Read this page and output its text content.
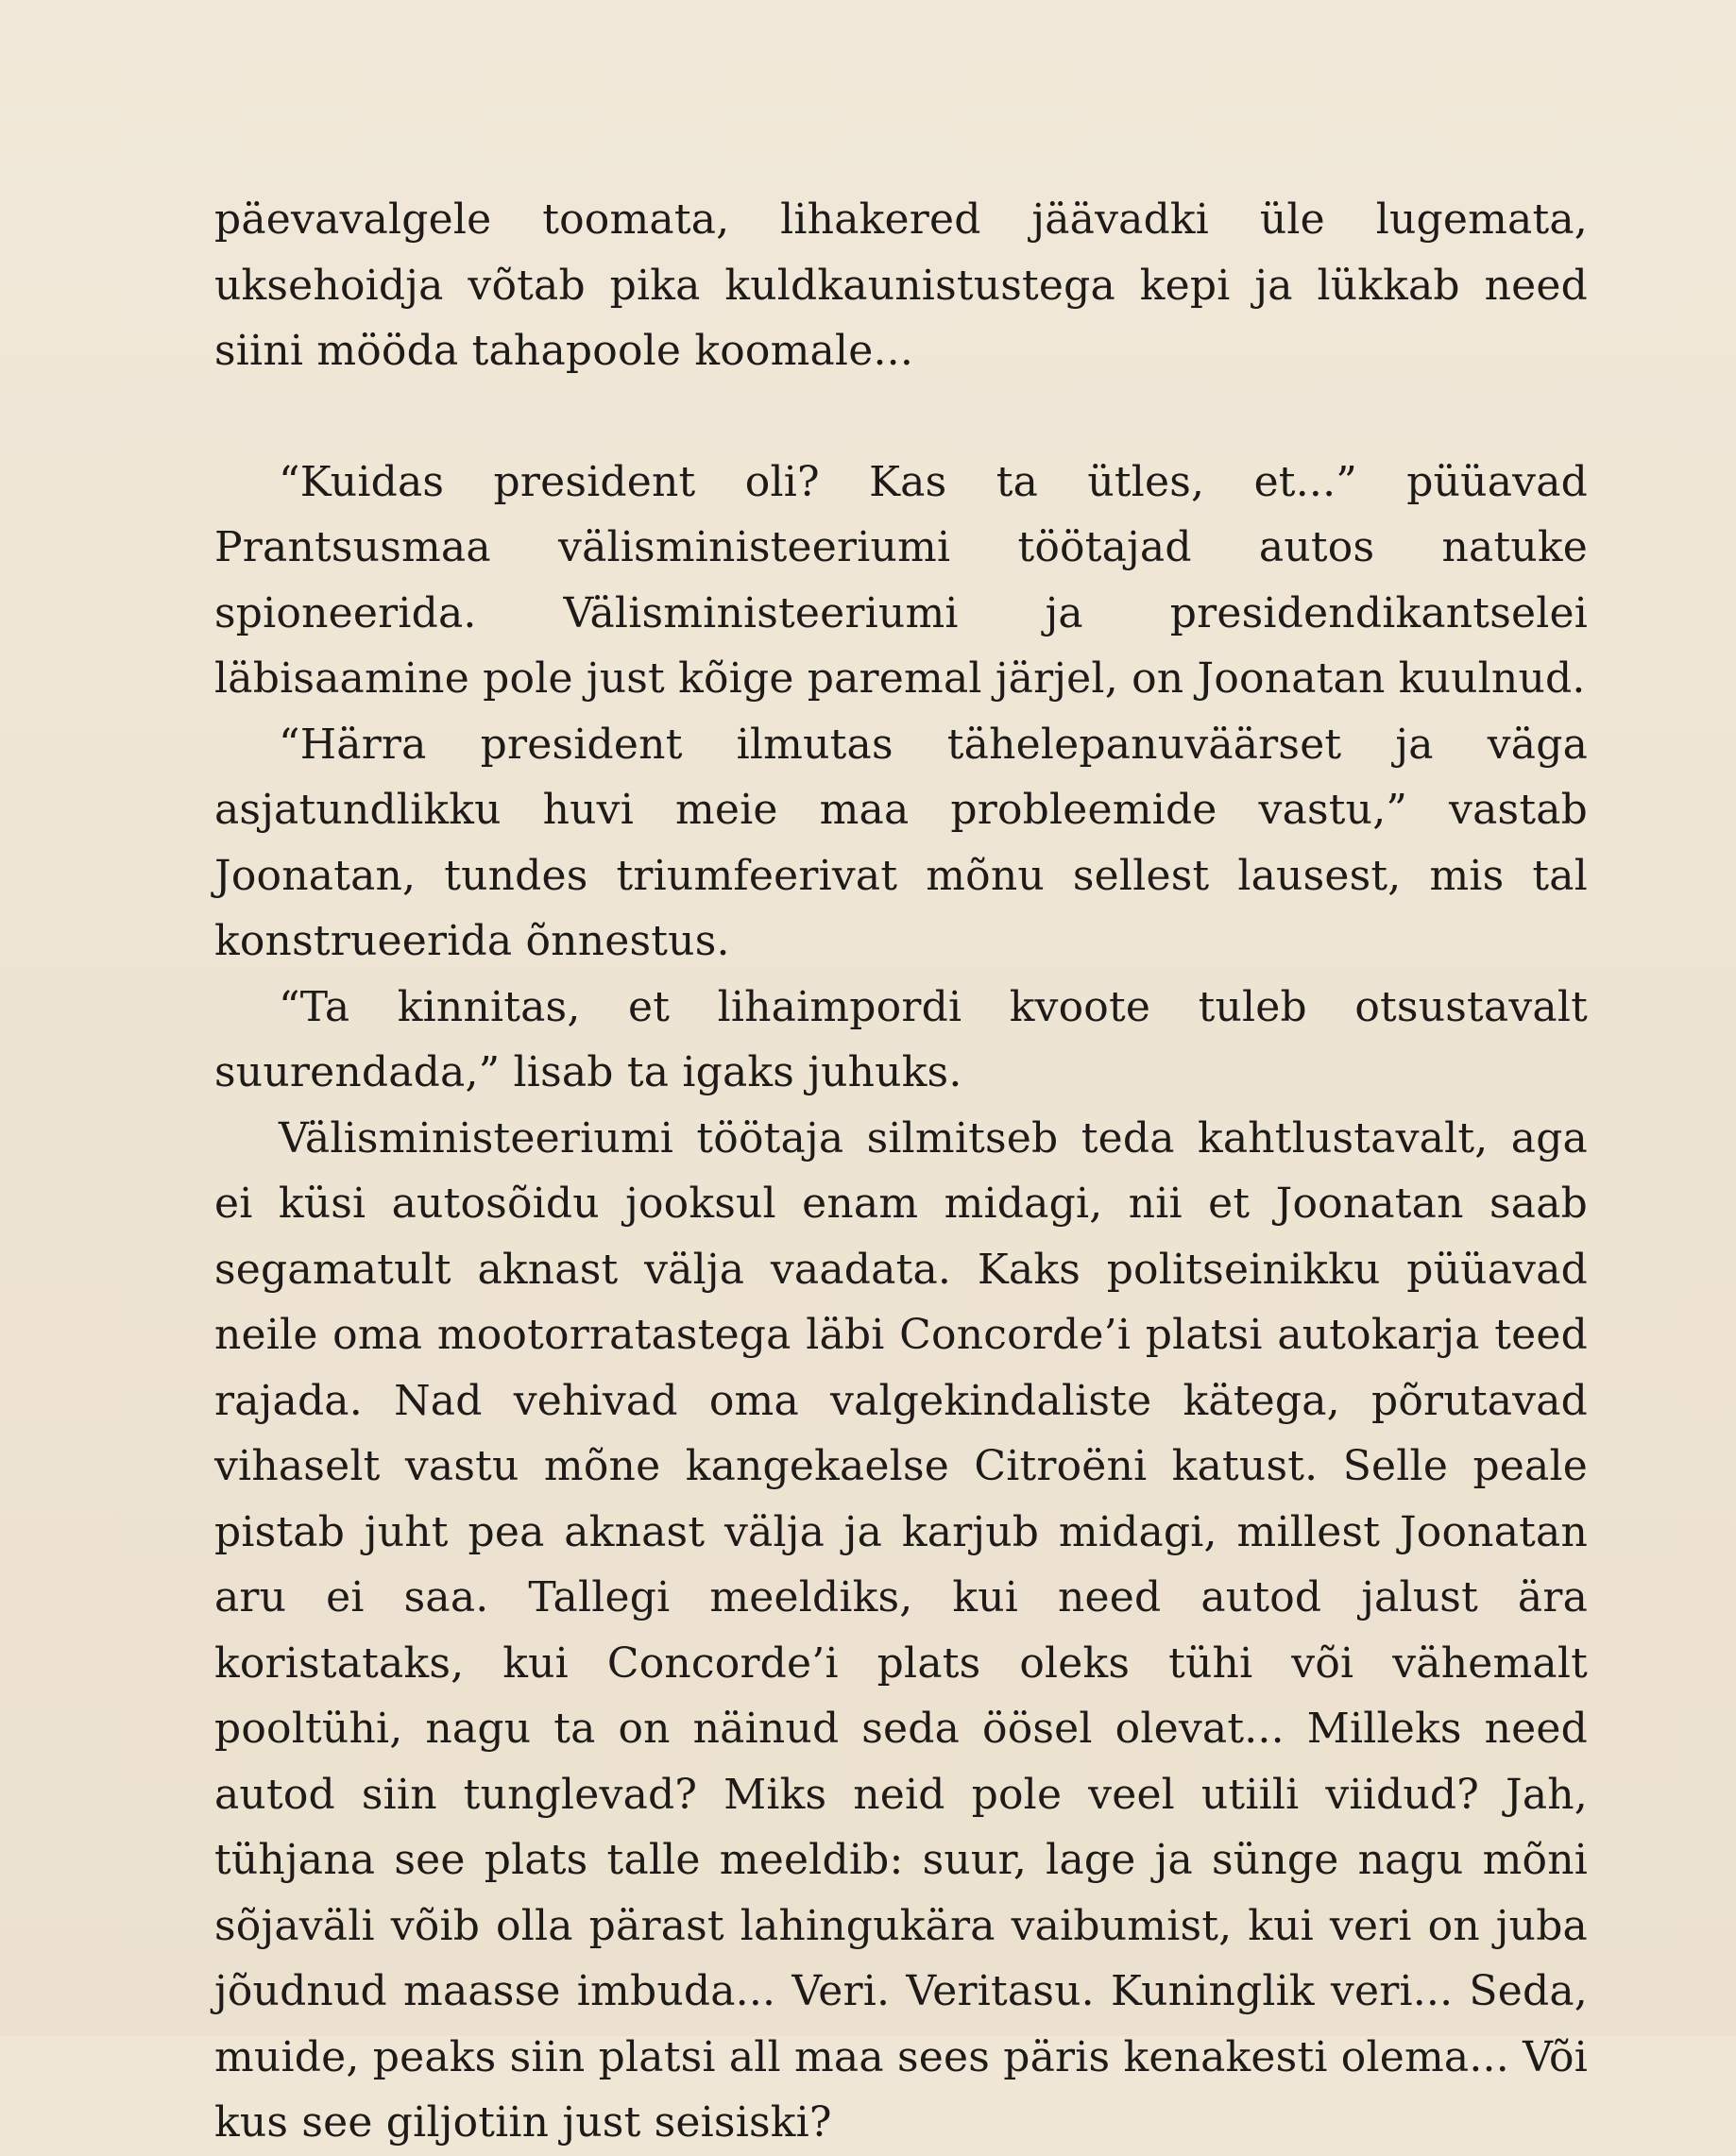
päevavalgele toomata, lihakered jäävadki üle lugemata, uksehoidja võtab pika kuldkaunistustega kepi ja lükkab need siini mööda tahapoole koomale...

“Kuidas president oli? Kas ta ütles, et...” püüavad Prantsusmaa välisministeeriumi töötajad autos natuke spioneerida. Välisministeeriumi ja presidendikantselei läbisaamine pole just kõige paremal järjel, on Joonatan kuulnud.

“Härra president ilmutas tähelepanuväärset ja väga asjatundlikku huvi meie maa probleemide vastu,” vastab Joonatan, tundes triumfeerivat mõnu sellest lausest, mis tal konstrueerida õnnestus.

“Ta kinnitas, et lihaimpordi kvoote tuleb otsustavalt suurendada,” lisab ta igaks juhuks.

Välisministeeriumi töötaja silmitseb teda kahtlustavalt, aga ei küsi autosõidu jooksul enam midagi, nii et Joonatan saab segamatult aknast välja vaadata. Kaks politseinikku püüavad neile oma mootorratastega läbi Concorde’i platsi autokarja teed rajada. Nad vehivad oma valgekindaliste kätega, põrutavad vihaselt vastu mõne kangekaelse Citroëni katust. Selle peale pistab juht pea aknast välja ja karjub midagi, millest Joonatan aru ei saa. Tallegi meeldiks, kui need autod jalust ära koristataks, kui Concorde’i plats oleks tühi või vähemalt pooltühi, nagu ta on näinud seda öösel olevat... Milleks need autod siin tunglevad? Miks neid pole veel utiili viidud? Jah, tühjana see plats talle meeldib: suur, lage ja sünge nagu mõni sõjaväli võib olla pärast lahingukära vaibumist, kui veri on juba jõudnud maasse imbuda... Veri. Veritasu. Kuninglik veri... Seda, muide, peaks siin platsi all maa sees päris kenakesti olema... Või kus see giljotiin just seisiski?
